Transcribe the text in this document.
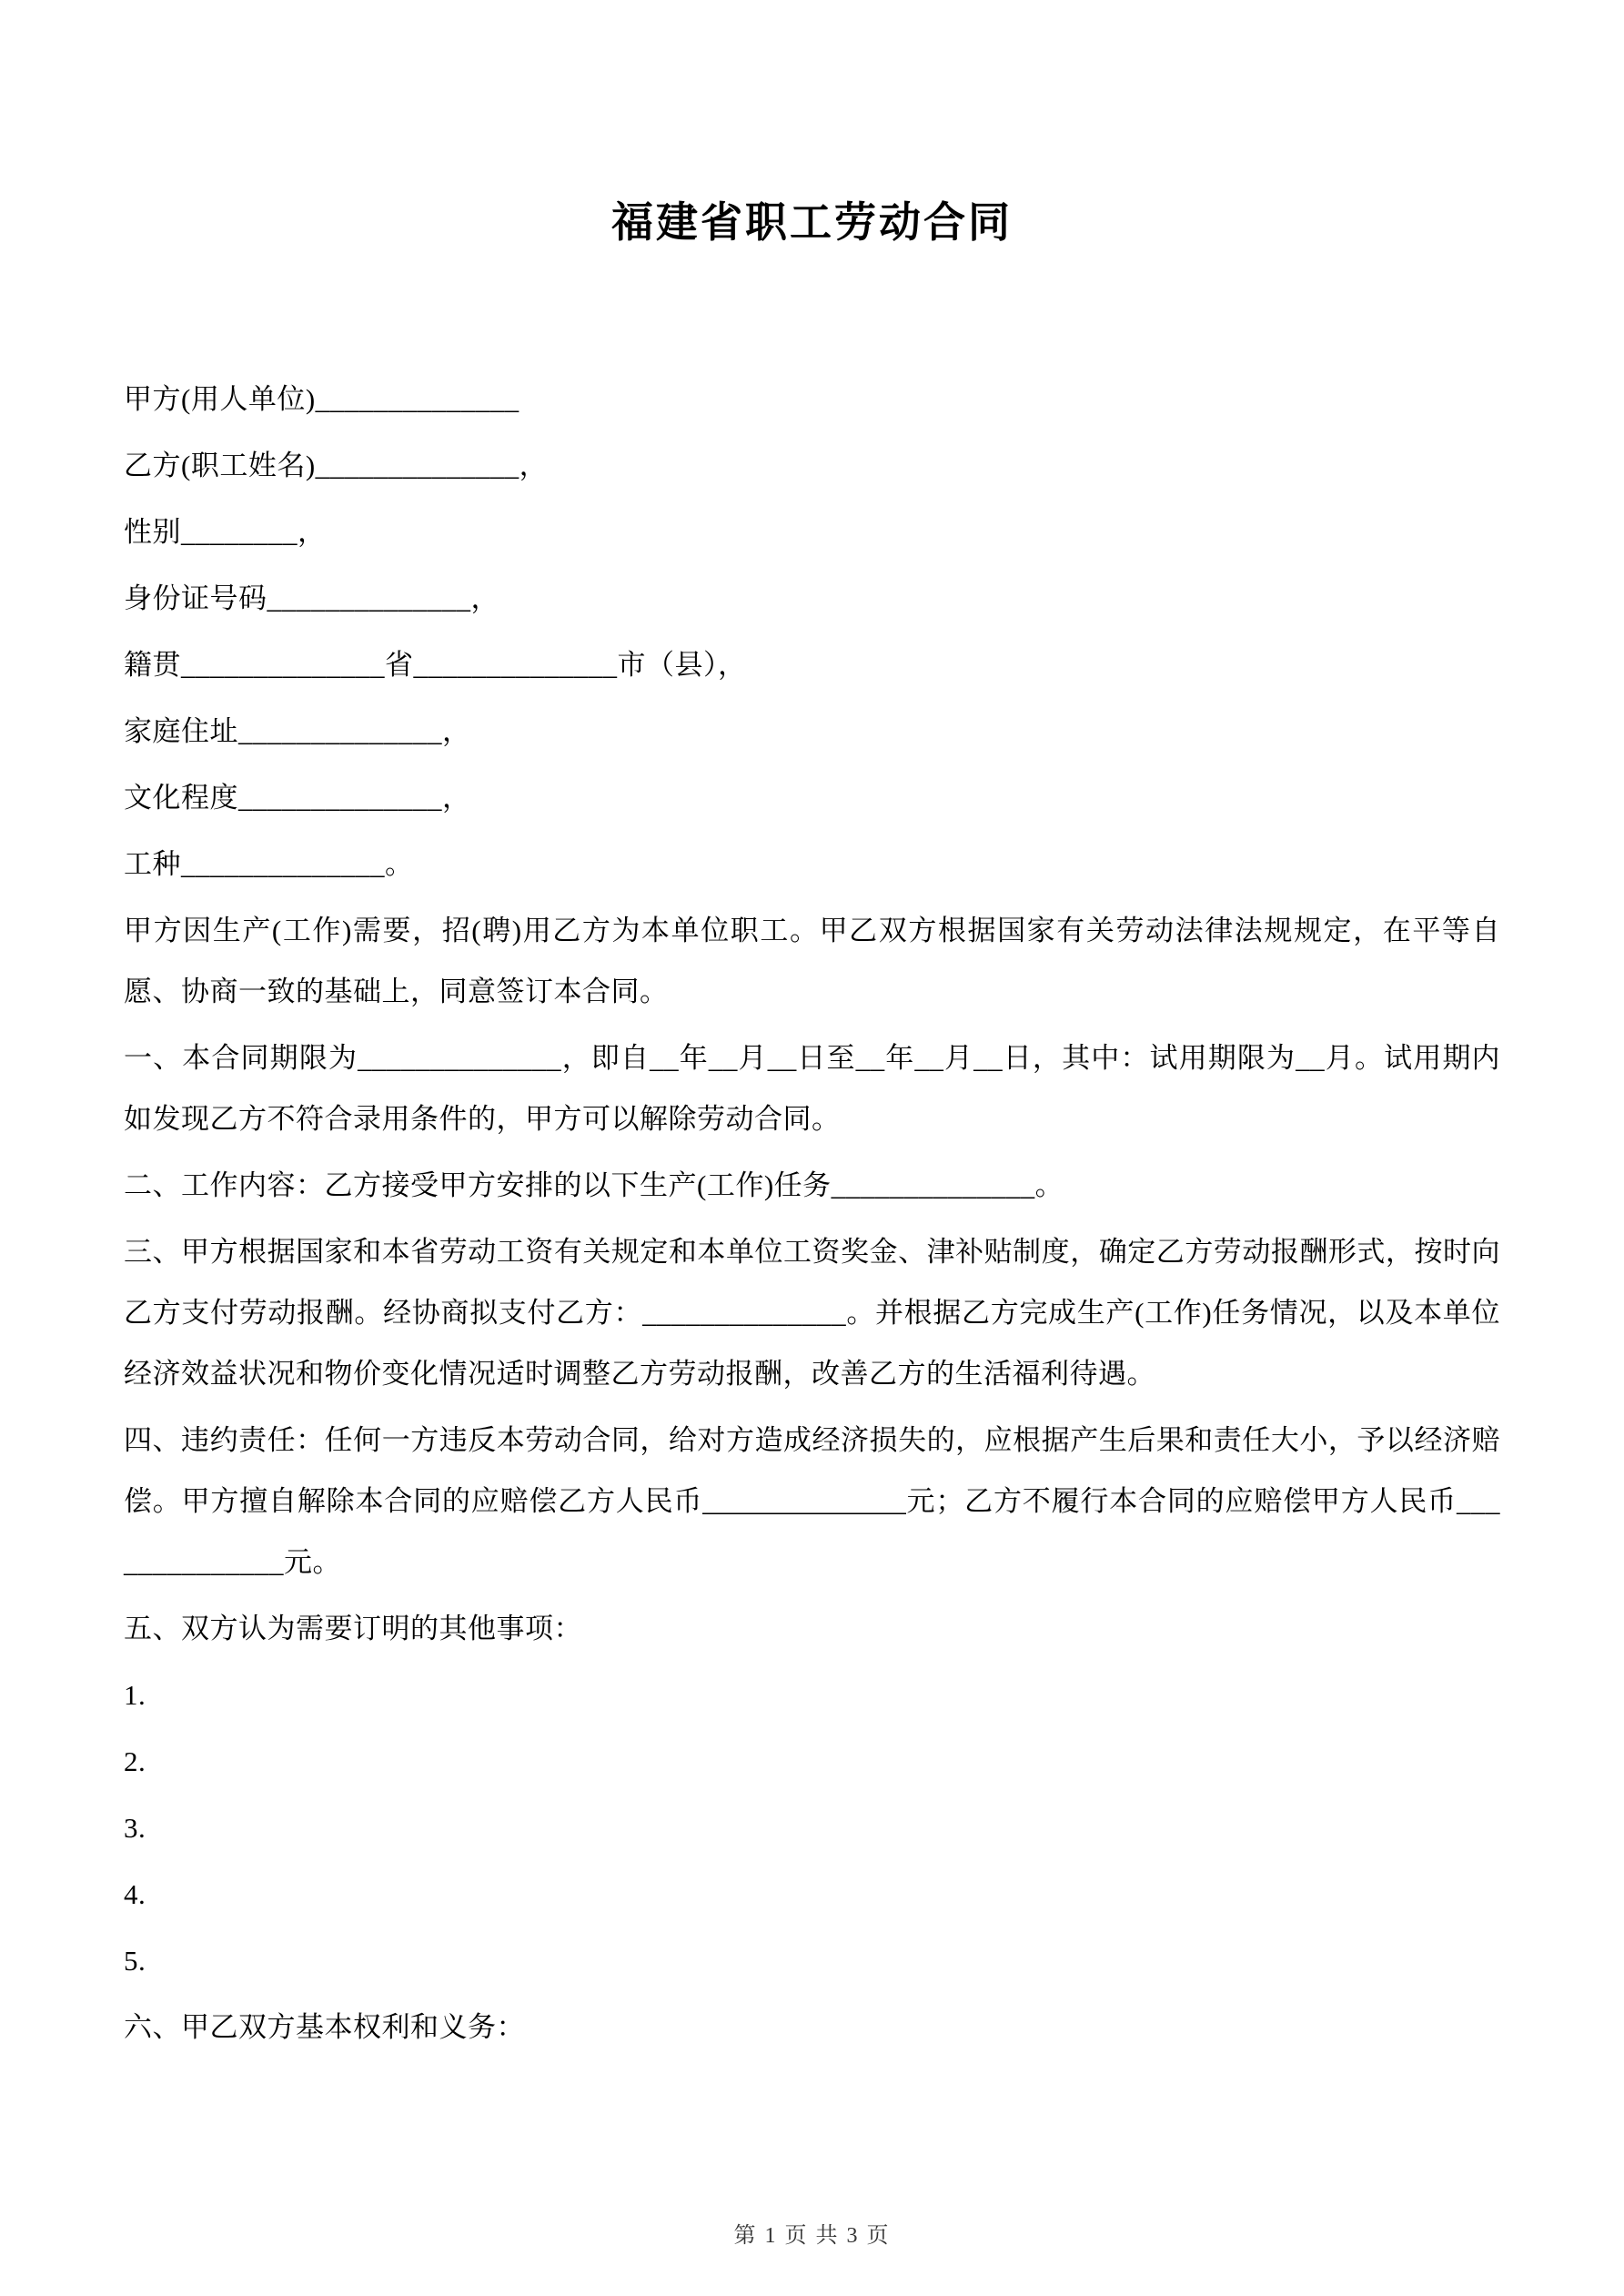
福建省职工劳动合同

甲方(用人单位)______________

乙方(职工姓名)______________，

性别________，

身份证号码______________，

籍贯______________省______________市（县），

家庭住址______________，

文化程度______________，

工种______________。

甲方因生产(工作)需要，招(聘)用乙方为本单位职工。甲乙双方根据国家有关劳动法律法规规定，在平等自愿、协商一致的基础上，同意签订本合同。

一、本合同期限为______________，即自__年__月__日至__年__月__日，其中：试用期限为__月。试用期内如发现乙方不符合录用条件的，甲方可以解除劳动合同。

二、工作内容：乙方接受甲方安排的以下生产(工作)任务______________。

三、甲方根据国家和本省劳动工资有关规定和本单位工资奖金、津补贴制度，确定乙方劳动报酬形式，按时向乙方支付劳动报酬。经协商拟支付乙方：______________。并根据乙方完成生产(工作)任务情况，以及本单位经济效益状况和物价变化情况适时调整乙方劳动报酬，改善乙方的生活福利待遇。

四、违约责任：任何一方违反本劳动合同，给对方造成经济损失的，应根据产生后果和责任大小，予以经济赔偿。甲方擅自解除本合同的应赔偿乙方人民币______________元；乙方不履行本合同的应赔偿甲方人民币______________元。

五、双方认为需要订明的其他事项：

1.

2.

3.

4.

5.

六、甲乙双方基本权利和义务：

第 1 页 共 3 页
